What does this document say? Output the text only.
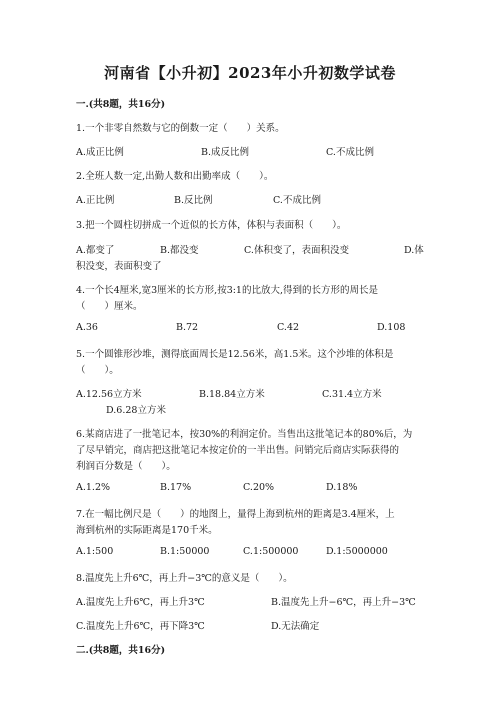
河南省【小升初】2023年小升初数学试卷
一.(共8题，共16分)
1.一个非零自然数与它的倒数一定（　　）关系。
A.成正比例	B.成反比例	C.不成比例
2.全班人数一定,出勤人数和出勤率成（　　）。
A.正比例	B.反比例	C.不成比例
3.把一个圆柱切拼成一个近似的长方体，体积与表面积（　　）。
A.都变了	B.都没变	C.体积变了，表面积没变	D.体
积没变，表面积变了
4.一个长4厘米,宽3厘米的长方形,按3:1的比放大,得到的长方形的周长是
（　　）厘米。
A.36	B.72	C.42	D.108
5.一个圆锥形沙堆，测得底面周长是12.56米，高1.5米。这个沙堆的体积是
（　　）。
A.12.56立方米	B.18.84立方米	C.31.4立方米
D.6.28立方米
6.某商店进了一批笔记本，按30%的利润定价。当售出这批笔记本的80%后，为
了尽早销完，商店把这批笔记本按定价的一半出售。问销完后商店实际获得的
利润百分数是（　　）。
A.1.2%	B.17%	C.20%	D.18%
7.在一幅比例尺是（　　）的地图上，量得上海到杭州的距离是3.4厘米，上
海到杭州的实际距离是170千米。
A.1:500	B.1:50000	C.1:500000	D.1:5000000
8.温度先上升6℃，再上升−3℃的意义是（　　）。
A.温度先上升6℃，再上升3℃	B.温度先上升−6℃，再上升−3℃
C.温度先上升6℃，再下降3℃	D.无法确定
二.(共8题，共16分)
